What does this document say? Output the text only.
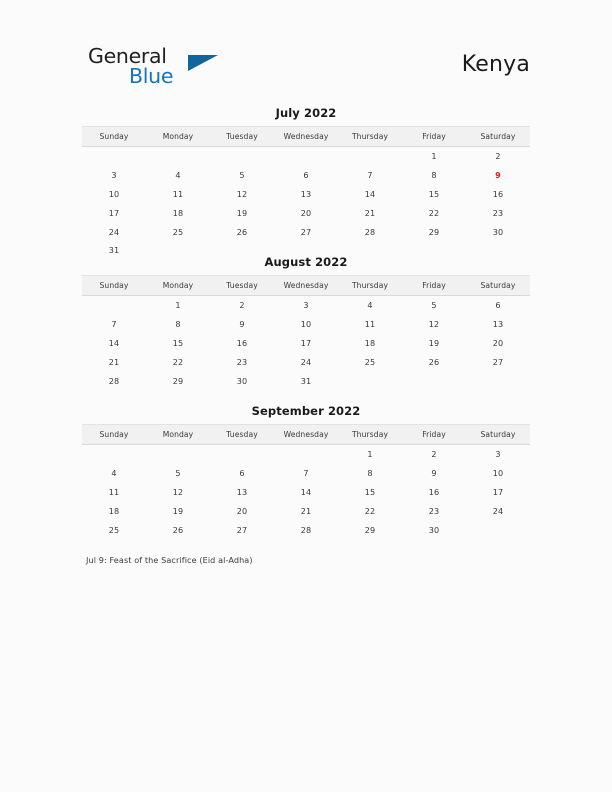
General
Blue	Kenya
July 2022
Sunday	Monday	Tuesday	Wednesday	Thursday	Friday	Saturday
					1	2
3	4	5	6	7	8	9
10	11	12	13	14	15	16
17	18	19	20	21	22	23
24	25	26	27	28	29	30
31						
August 2022
Sunday	Monday	Tuesday	Wednesday	Thursday	Friday	Saturday
	1	2	3	4	5	6
7	8	9	10	11	12	13
14	15	16	17	18	19	20
21	22	23	24	25	26	27
28	29	30	31			
September 2022
Sunday	Monday	Tuesday	Wednesday	Thursday	Friday	Saturday
				1	2	3
4	5	6	7	8	9	10
11	12	13	14	15	16	17
18	19	20	21	22	23	24
25	26	27	28	29	30	
Jul 9: Feast of the Sacrifice (Eid al-Adha)
